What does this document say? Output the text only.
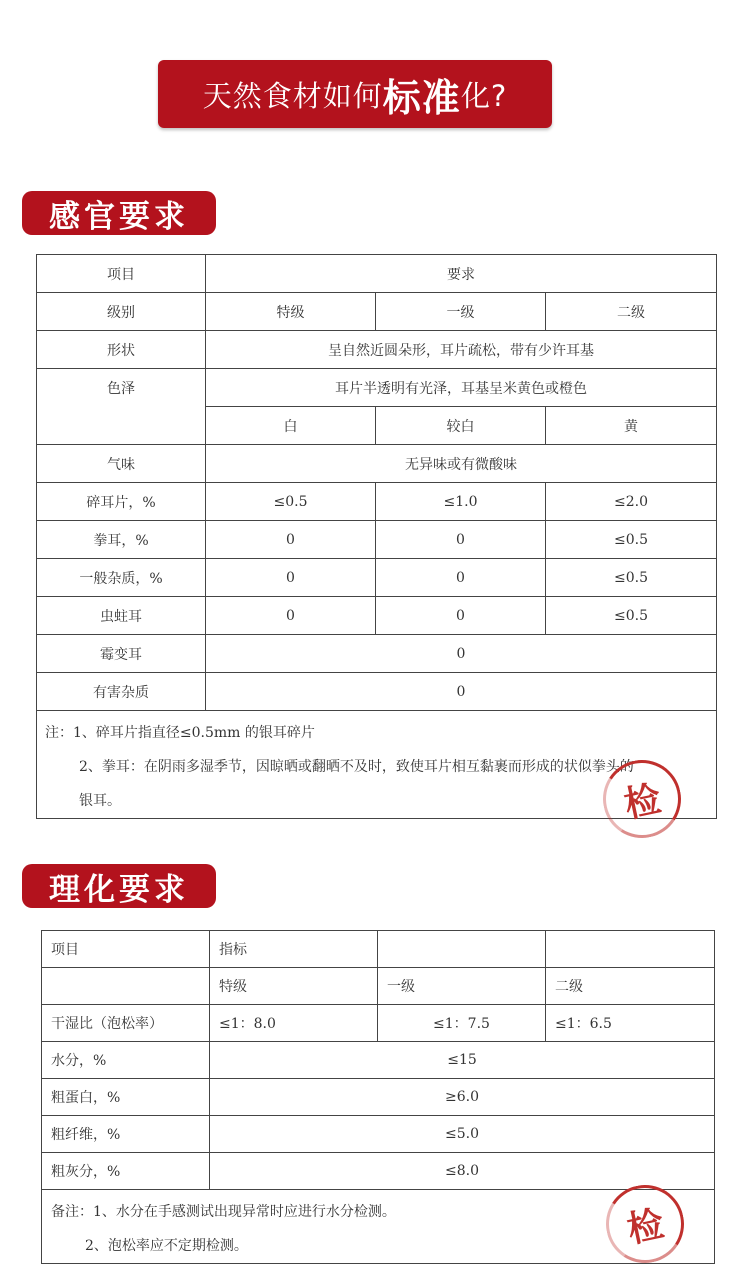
天然食材如何 标准 化?
感官要求
项目	要求		
级别	特级	一级	二级
形状	呈自然近圆朵形，耳片疏松，带有少许耳基		
色泽	耳片半透明有光泽，耳基呈米黄色或橙色		
	白	较白	黄
气味	无异味或有微酸味		
碎耳片，%	≤0.5	≤1.0	≤2.0
拳耳，%	0	0	≤0.5
一般杂质，%	0	0	≤0.5
虫蛀耳	0	0	≤0.5
霉变耳	0		
有害杂质	0		

注：1、碎耳片指直径≤0.5mm 的银耳碎片
2、拳耳：在阴雨多湿季节，因晾晒或翻晒不及时，致使耳片相互黏裹而形成的状似拳头的银耳。				检
理化要求
项目	指标		
	特级	一级	二级
干湿比（泡松率）	≤1：8.0	≤1：7.5	≤1：6.5
水分，%	≤15		
粗蛋白，%	≥6.0		
粗纤维，%	≤5.0		
粗灰分，%	≤8.0		

备注：1、水分在手感测试出现异常时应进行水分检测。
2、泡松率应不定期检测。				检
